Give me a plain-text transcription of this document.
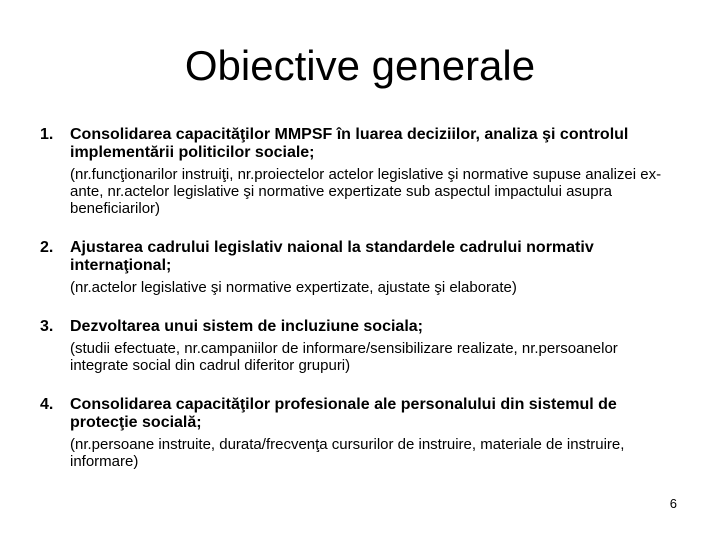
Obiective generale
1. Consolidarea capacităţilor MMPSF în luarea deciziilor, analiza şi controlul implementării politicilor sociale;
(nr.funcţionarilor instruiţi, nr.proiectelor actelor legislative şi normative supuse analizei ex-ante, nr.actelor legislative şi normative expertizate sub aspectul impactului asupra beneficiarilor)
2. Ajustarea cadrului legislativ naional la standardele cadrului normativ internaţional;
(nr.actelor legislative şi normative expertizate, ajustate şi elaborate)
3. Dezvoltarea unui sistem de incluziune sociala;
(studii efectuate, nr.campaniilor de informare/sensibilizare realizate, nr.persoanelor integrate social din cadrul diferitor grupuri)
4. Consolidarea capacităţilor profesionale ale personalului din sistemul de protecţie socială;
(nr.persoane instruite, durata/frecvenţa cursurilor de instruire, materiale de instruire, informare)
6
